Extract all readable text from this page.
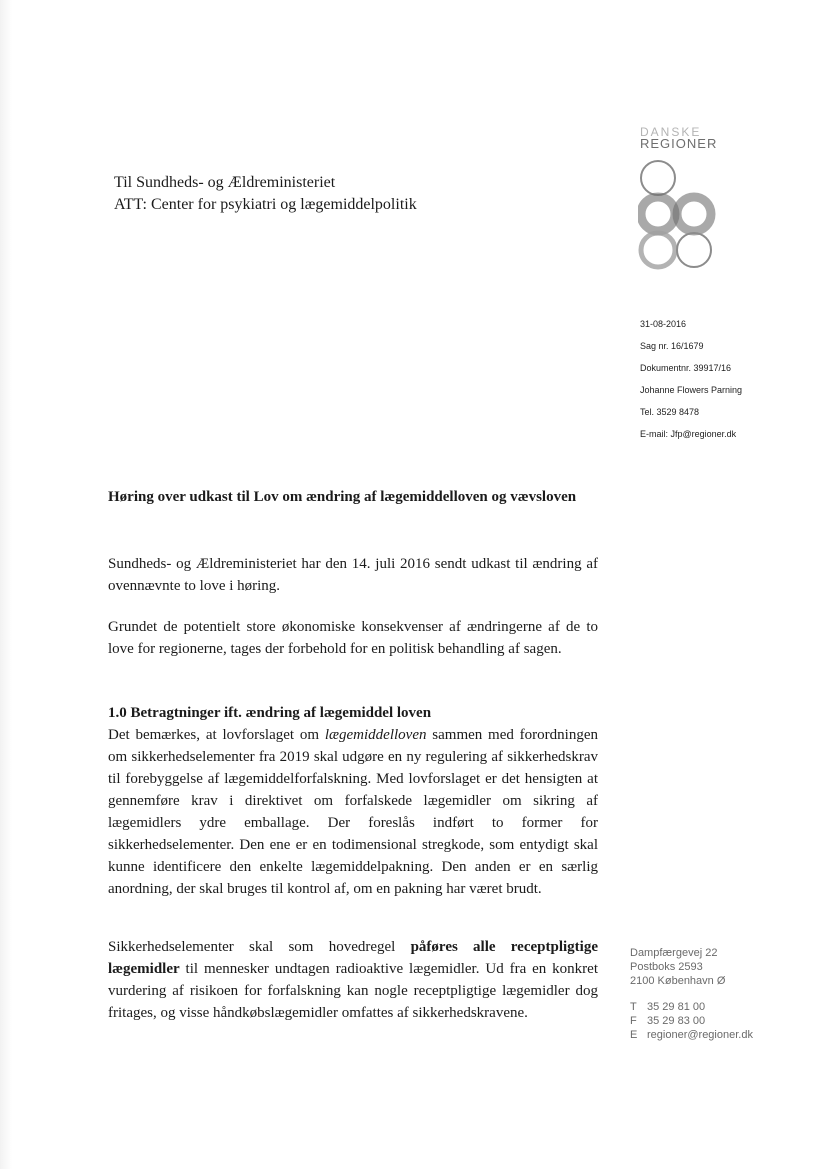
DANSKE
REGIONER
Til Sundheds- og Ældreministeriet
ATT: Center for psykiatri og lægemiddelpolitik
31-08-2016
Sag nr. 16/1679
Dokumentnr. 39917/16
Johanne Flowers Parning
Tel. 3529 8478
E-mail: Jfp@regioner.dk
Høring over udkast til Lov om ændring af lægemiddelloven og vævsloven
Sundheds- og Ældreministeriet har den 14. juli 2016 sendt udkast til ændring af ovennævnte to love i høring.
Grundet de potentielt store økonomiske konsekvenser af ændringerne af de to love for regionerne, tages der forbehold for en politisk behandling af sagen.
1.0 Betragtninger ift. ændring af lægemiddel loven
Det bemærkes, at lovforslaget om lægemiddelloven sammen med forordningen om sikkerhedselementer fra 2019 skal udgøre en ny regulering af sikkerhedskrav til forebyggelse af lægemiddelforfalskning. Med lovforslaget er det hensigten at gennemføre krav i direktivet om forfalskede lægemidler om sikring af lægemidlers ydre emballage. Der foreslås indført to former for sikkerhedselementer. Den ene er en todimensional stregkode, som entydigt skal kunne identificere den enkelte lægemiddelpakning. Den anden er en særlig anordning, der skal bruges til kontrol af, om en pakning har været brudt.
Sikkerhedselementer skal som hovedregel påføres alle receptpligtige lægemidler til mennesker undtagen radioaktive lægemidler. Ud fra en konkret vurdering af risikoen for forfalskning kan nogle receptpligtige lægemidler dog fritages, og visse håndkøbslægemidler omfattes af sikkerhedskravene.
Dampfærgevej 22
Postboks 2593
2100 København Ø
T 35 29 81 00
F 35 29 83 00
E regioner@regioner.dk
